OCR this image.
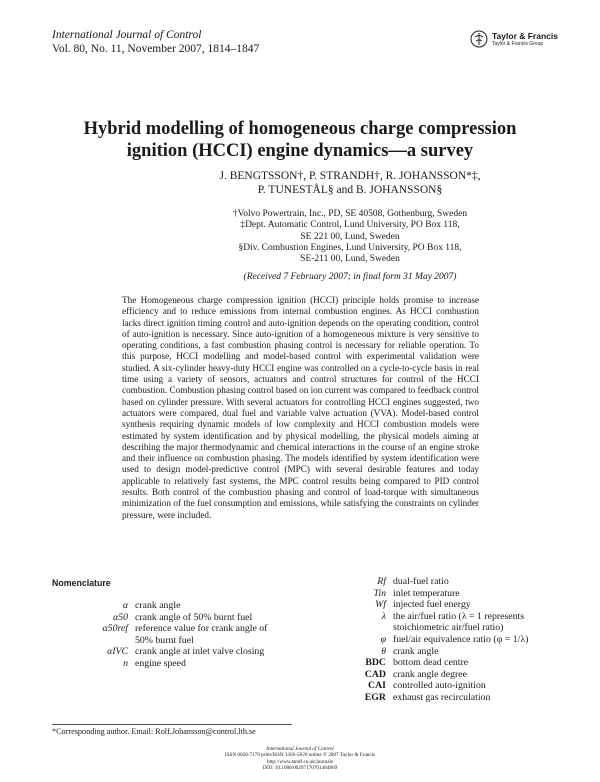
International Journal of Control
Vol. 80, No. 11, November 2007, 1814–1847
Taylor & Francis
Taylor & Francis Group
Hybrid modelling of homogeneous charge compression
ignition (HCCI) engine dynamics—a survey
J. BENGTSSON†, P. STRANDH†, R. JOHANSSON*‡,
P. TUNESTÅL§ and B. JOHANSSON§
†Volvo Powertrain, Inc., PD, SE 40508, Gothenburg, Sweden
‡Dept. Automatic Control, Lund University, PO Box 118,
SE 221 00, Lund, Sweden
§Div. Combustion Engines, Lund University, PO Box 118,
SE-211 00, Lund, Sweden
(Received 7 February 2007; in final form 31 May 2007)
The Homogeneous charge compression ignition (HCCI) principle holds promise to increase efficiency and to reduce emissions from internal combustion engines. As HCCI combustion lacks direct ignition timing control and auto-ignition depends on the operating condition, control of auto-ignition is necessary. Since auto-ignition of a homogeneous mixture is very sensitive to operating conditions, a fast combustion phasing control is necessary for reliable operation. To this purpose, HCCI modelling and model-based control with experimental validation were studied. A six-cylinder heavy-duty HCCI engine was controlled on a cycle-to-cycle basis in real time using a variety of sensors, actuators and control structures for control of the HCCI combustion. Combustion phasing control based on ion current was compared to feedback control based on cylinder pressure. With several actuators for controlling HCCI engines suggested, two actuators were compared, dual fuel and variable valve actuation (VVA). Model-based control synthesis requiring dynamic models of low complexity and HCCI combustion models were estimated by system identification and by physical modelling, the physical models aiming at describing the major thermodynamic and chemical interactions in the course of an engine stroke and their influence on combustion phasing. The models identified by system identification were used to design model-predictive control (MPC) with several desirable features and today applicable to relatively fast systems, the MPC control results being compared to PID control results. Both control of the combustion phasing and control of load-torque with simultaneous minimization of the fuel consumption and emissions, while satisfying the constraints on cylinder pressure, were included.
Nomenclature
α crank angle
α50 crank angle of 50% burnt fuel
α50ref reference value for crank angle of
50% burnt fuel
αIVC crank angle at inlet valve closing
n engine speed
Rf dual-fuel ratio
Tin inlet temperature
Wf injected fuel energy
λ the air/fuel ratio (λ = 1 represents
stoichiometric air/fuel ratio)
φ fuel/air equivalence ratio (φ = 1/λ)
θ crank angle
BDC bottom dead centre
CAD crank angle degree
CAI controlled auto-ignition
EGR exhaust gas recirculation
*Corresponding author. Email: Rolf.Johansson@control.lth.se
International Journal of Control
ISSN 0020-7179 print/ISSN 1366-5820 online © 2007 Taylor & Francis
http://www.tandf.co.uk/journals
DOI: 10.1080/00207170701484869
